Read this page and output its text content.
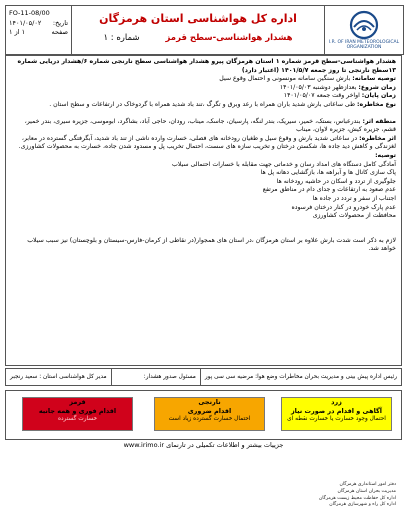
FO-11-08/00
تاریخ:
۱۴۰۱/۰۵/۰۲
صفحه
۱ از ۱
اداره کل هواشناسی استان هرمزگان
هشدار هواشناسی-سطح قرمز
شماره : ۱	I.R. OF IRAN METEOROLOGICAL ORGANIZATION

هشدار هواشناسی-سطح قرمز شماره ۱ استان هرمزگان پیرو هشدار هواشناسی سطح نارنجی شماره ۶/هشدار دریایی شماره ۱۳سطح نارنجی تا روز جمعه ۱۴۰۱/۵/۷ (اعتبار دارد)

توصیه سامانه: بارش سنگین سامانه مونسونی و احتمال وقوع سیل

زمان شروع: بعدازظهر دوشنبه ۱۴۰۱/۰۵/۰۳

زمان پایان: اواخر وقت جمعه ۱۴۰۱/۰۵/۰۷

نوع مخاطره: طی ساعاتی بارش شدید باران همراه با رعد وبرق و تگرگ ،تند باد شدید همراه با گردوخاک در ارتفاعات و سطح استان .

منطقه اثر: بندرعباس، بستک، خمیر، سیریک، بندر لنگه، پارسیان، جاسک، میناب، رودان، حاجی آباد، بشاگرد، ابوموسی، جزیره سیری، بندر خمیر، قشم، جزیره کیش، جزیره لاوان، میناب

اثر مخاطره: در ساعاتی شدید بارش و وقوع سیل و طغیان رودخانه های فصلی، خسارت وارده ناشی از تند باد شدید، آبگرفتگی گسترده در معابر، لغزندگی و کاهش دید جاده ها، شکستن درختان و تخریب سازه های سست، احتمال تخریب پل و مسدود شدن جاده، خسارت به محصولات کشاورزی.

توصیه:

آمادگی کامل دستگاه های امداد رسان و خدماتی جهت مقابله با خسارات احتمالی سیلاب

پاک سازی کانال ها و آبراهه ها، بازگشایی دهانه پل ها

جلوگیری از تردد و اسکان در حاشیه رودخانه ها

عدم صعود به ارتفاعات و جدای دام در مناطق مرتفع

اجتناب از سفر و تردد در جاده ها

عدم پارک خودرو در کنار درختان فرسوده

محافظت از محصولات کشاورزی

لازم به ذکر است شدت بارش علاوه بر استان هرمزگان ،در استان های همجوار(در نقاطی از کرمان-فارس-سیستان و بلوچستان) نیز سبب سیلاب خواهد شد.

رئیس اداره پیش بینی و مدیریت بحران مخاطرات وضع هوا: مرضیه سی سی پور
مسئول صدور هشدار:
مدیر کل هواشناسی استان : سعید رنجبر
زرد
آگاهی و اقدام در صورت نیاز
احتمال وجود خسارت یا خسارت نقطه ای
نارنجی
اقدام ضروری
احتمال خسارت گسترده زیاد است
قرمز
اقدام فوری و همه جانبه
خسارت گسترده
جزییات بیشتر و اطلاعات تکمیلی در تارنمای www.irimo.ir
دفتر امور استانداری هرمزگان
مدیریت بحران استان هرمزگان
اداره کل حفاظت محیط زیست هرمزگان
اداره کل راه و شهرسازی هرمزگان
